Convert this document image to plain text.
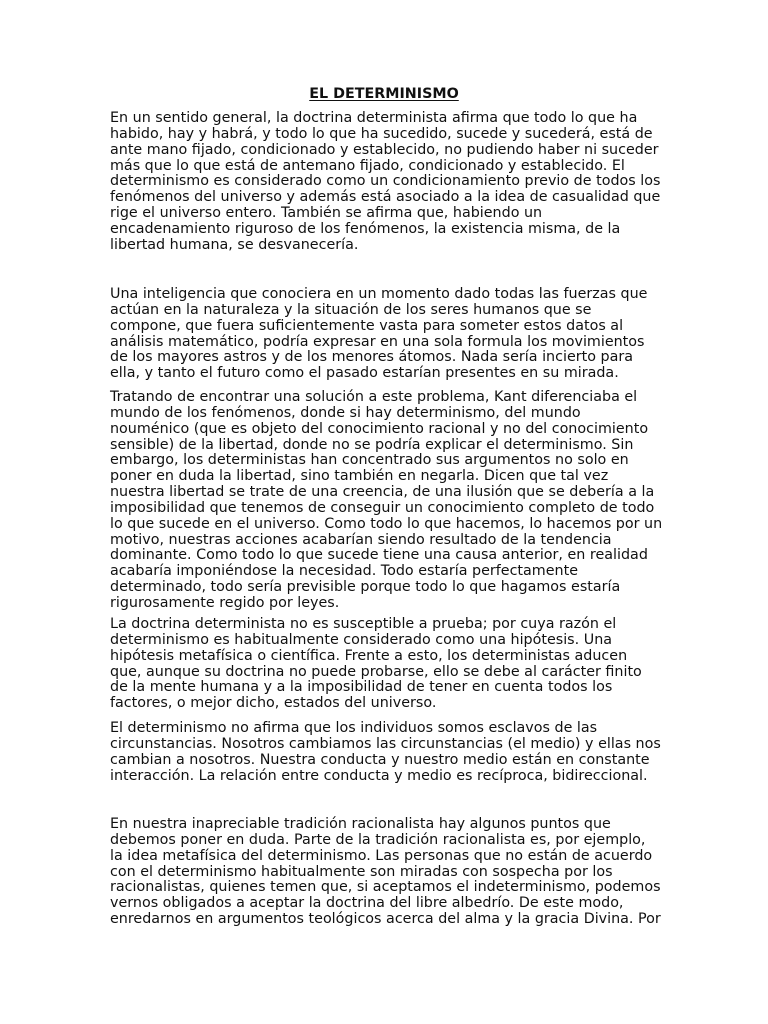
EL DETERMINISMO

En un sentido general, la doctrina determinista afirma que todo lo que ha
habido, hay y habrá, y todo lo que ha sucedido, sucede y sucederá, está de
ante mano fijado, condicionado y establecido, no pudiendo haber ni suceder
más que lo que está de antemano fijado, condicionado y establecido. El
determinismo es considerado como un condicionamiento previo de todos los
fenómenos del universo y además está asociado a la idea de casualidad que
rige el universo entero. También se afirma que, habiendo un
encadenamiento riguroso de los fenómenos, la existencia misma, de la
libertad humana, se desvanecería.

Una inteligencia que conociera en un momento dado todas las fuerzas que
actúan en la naturaleza y la situación de los seres humanos que se
compone, que fuera suficientemente vasta para someter estos datos al
análisis matemático, podría expresar en una sola formula los movimientos
de los mayores astros y de los menores átomos. Nada sería incierto para
ella, y tanto el futuro como el pasado estarían presentes en su mirada.

Tratando de encontrar una solución a este problema, Kant diferenciaba el
mundo de los fenómenos, donde si hay determinismo, del mundo
nouménico (que es objeto del conocimiento racional y no del conocimiento
sensible) de la libertad, donde no se podría explicar el determinismo. Sin
embargo, los deterministas han concentrado sus argumentos no solo en
poner en duda la libertad, sino también en negarla. Dicen que tal vez
nuestra libertad se trate de una creencia, de una ilusión que se debería a la
imposibilidad que tenemos de conseguir un conocimiento completo de todo
lo que sucede en el universo. Como todo lo que hacemos, lo hacemos por un
motivo, nuestras acciones acabarían siendo resultado de la tendencia
dominante. Como todo lo que sucede tiene una causa anterior, en realidad
acabaría imponiéndose la necesidad. Todo estaría perfectamente
determinado, todo sería previsible porque todo lo que hagamos estaría
rigurosamente regido por leyes.

La doctrina determinista no es susceptible a prueba; por cuya razón el
determinismo es habitualmente considerado como una hipótesis. Una
hipótesis metafísica o científica. Frente a esto, los deterministas aducen
que, aunque su doctrina no puede probarse, ello se debe al carácter finito
de la mente humana y a la imposibilidad de tener en cuenta todos los
factores, o mejor dicho, estados del universo.

El determinismo no afirma que los individuos somos esclavos de las
circunstancias. Nosotros cambiamos las circunstancias (el medio) y ellas nos
cambian a nosotros. Nuestra conducta y nuestro medio están en constante
interacción. La relación entre conducta y medio es recíproca, bidireccional.

En nuestra inapreciable tradición racionalista hay algunos puntos que
debemos poner en duda. Parte de la tradición racionalista es, por ejemplo,
la idea metafísica del determinismo. Las personas que no están de acuerdo
con el determinismo habitualmente son miradas con sospecha por los
racionalistas, quienes temen que, si aceptamos el indeterminismo, podemos
vernos obligados a aceptar la doctrina del libre albedrío. De este modo,
enredarnos en argumentos teológicos acerca del alma y la gracia Divina. Por
